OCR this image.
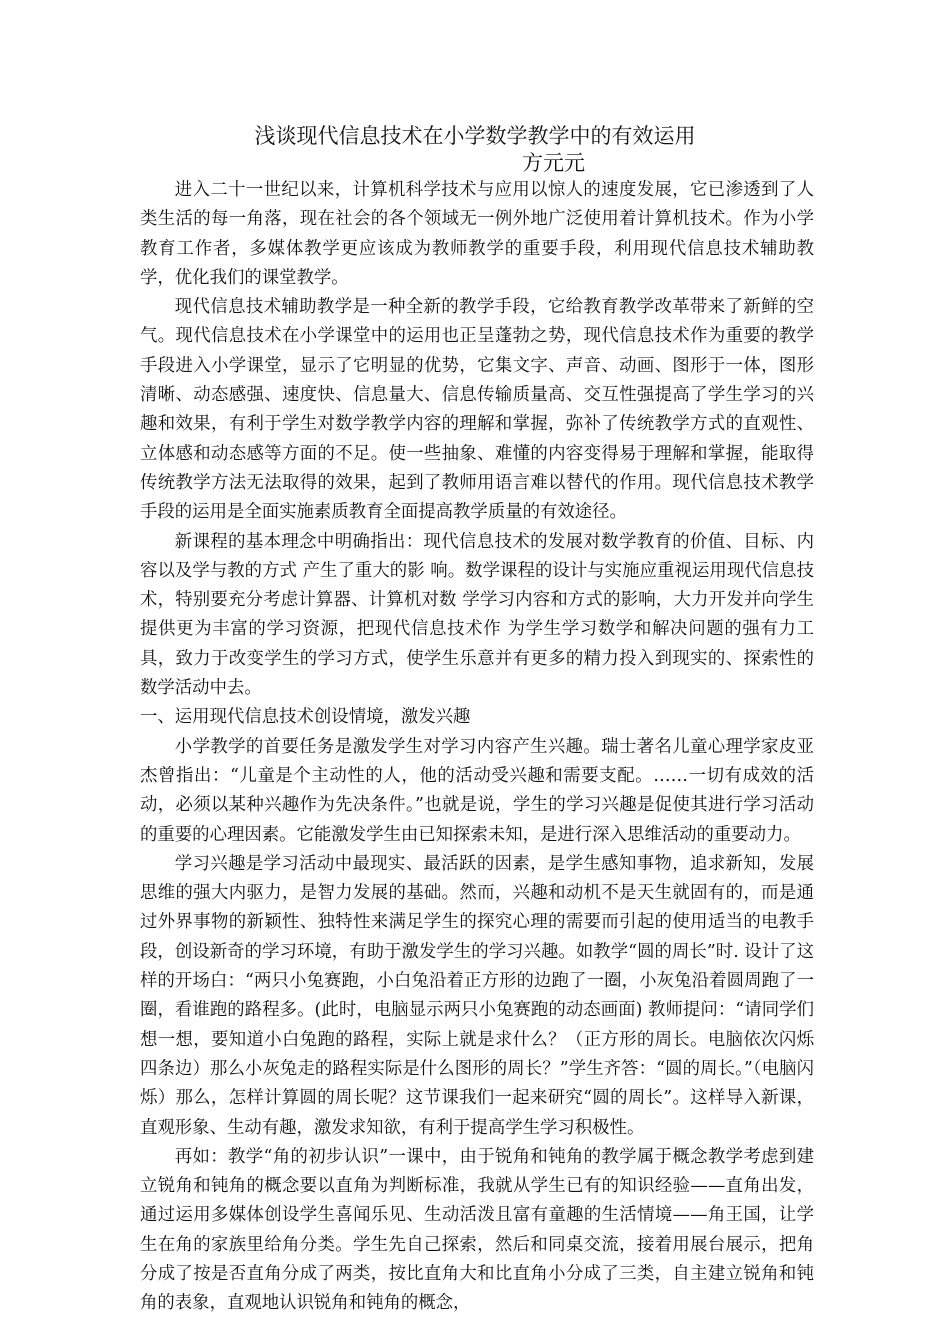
浅谈现代信息技术在小学数学教学中的有效运用
方元元

进入二十一世纪以来，计算机科学技术与应用以惊人的速度发展，它已渗透到了人类生活的每一角落，现在社会的各个领域无一例外地广泛使用着计算机技术。作为小学教育工作者，多媒体教学更应该成为教师教学的重要手段，利用现代信息技术辅助教学，优化我们的课堂教学。

现代信息技术辅助教学是一种全新的教学手段，它给教育教学改革带来了新鲜的空气。现代信息技术在小学课堂中的运用也正呈蓬勃之势，现代信息技术作为重要的教学手段进入小学课堂，显示了它明显的优势，它集文字、声音、动画、图形于一体，图形清晰、动态感强、速度快、信息量大、信息传输质量高、交互性强提高了学生学习的兴趣和效果，有利于学生对数学教学内容的理解和掌握，弥补了传统教学方式的直观性、立体感和动态感等方面的不足。使一些抽象、难懂的内容变得易于理解和掌握，能取得传统教学方法无法取得的效果，起到了教师用语言难以替代的作用。现代信息技术教学手段的运用是全面实施素质教育全面提高教学质量的有效途径。

新课程的基本理念中明确指出：现代信息技术的发展对数学教育的价值、目标、内容以及学与教的方式 产生了重大的影 响。数学课程的设计与实施应重视运用现代信息技术，特别要充分考虑计算器、计算机对数 学学习内容和方式的影响，大力开发并向学生提供更为丰富的学习资源，把现代信息技术作 为学生学习数学和解决问题的强有力工具，致力于改变学生的学习方式，使学生乐意并有更多的精力投入到现实的、探索性的数学活动中去。

一、运用现代信息技术创设情境，激发兴趣

小学教学的首要任务是激发学生对学习内容产生兴趣。瑞士著名儿童心理学家皮亚杰曾指出：“儿童是个主动性的人，他的活动受兴趣和需要支配。……一切有成效的活动，必须以某种兴趣作为先决条件。”也就是说，学生的学习兴趣是促使其进行学习活动的重要的心理因素。它能激发学生由已知探索未知，是进行深入思维活动的重要动力。

学习兴趣是学习活动中最现实、最活跃的因素，是学生感知事物，追求新知，发展思维的强大内驱力，是智力发展的基础。然而，兴趣和动机不是天生就固有的，而是通过外界事物的新颖性、独特性来满足学生的探究心理的需要而引起的使用适当的电教手段，创设新奇的学习环境，有助于激发学生的学习兴趣。如教学“圆的周长”时. 设计了这样的开场白：“两只小兔赛跑，小白兔沿着正方形的边跑了一圈，小灰兔沿着圆周跑了一圈，看谁跑的路程多。(此时，电脑显示两只小兔赛跑的动态画面) 教师提问：“请同学们想一想，要知道小白兔跑的路程，实际上就是求什么？（正方形的周长。电脑依次闪烁四条边）那么小灰兔走的路程实际是什么图形的周长？”学生齐答：“圆的周长。”（电脑闪烁）那么，怎样计算圆的周长呢？这节课我们一起来研究“圆的周长”。这样导入新课，直观形象、生动有趣，激发求知欲，有利于提高学生学习积极性。

再如：教学“角的初步认识”一课中，由于锐角和钝角的教学属于概念教学考虑到建立锐角和钝角的概念要以直角为判断标准，我就从学生已有的知识经验——直角出发，通过运用多媒体创设学生喜闻乐见、生动活泼且富有童趣的生活情境——角王国，让学生在角的家族里给角分类。学生先自己探索，然后和同桌交流，接着用展台展示，把角分成了按是否直角分成了两类，按比直角大和比直角小分成了三类，自主建立锐角和钝角的表象，直观地认识锐角和钝角的概念，
